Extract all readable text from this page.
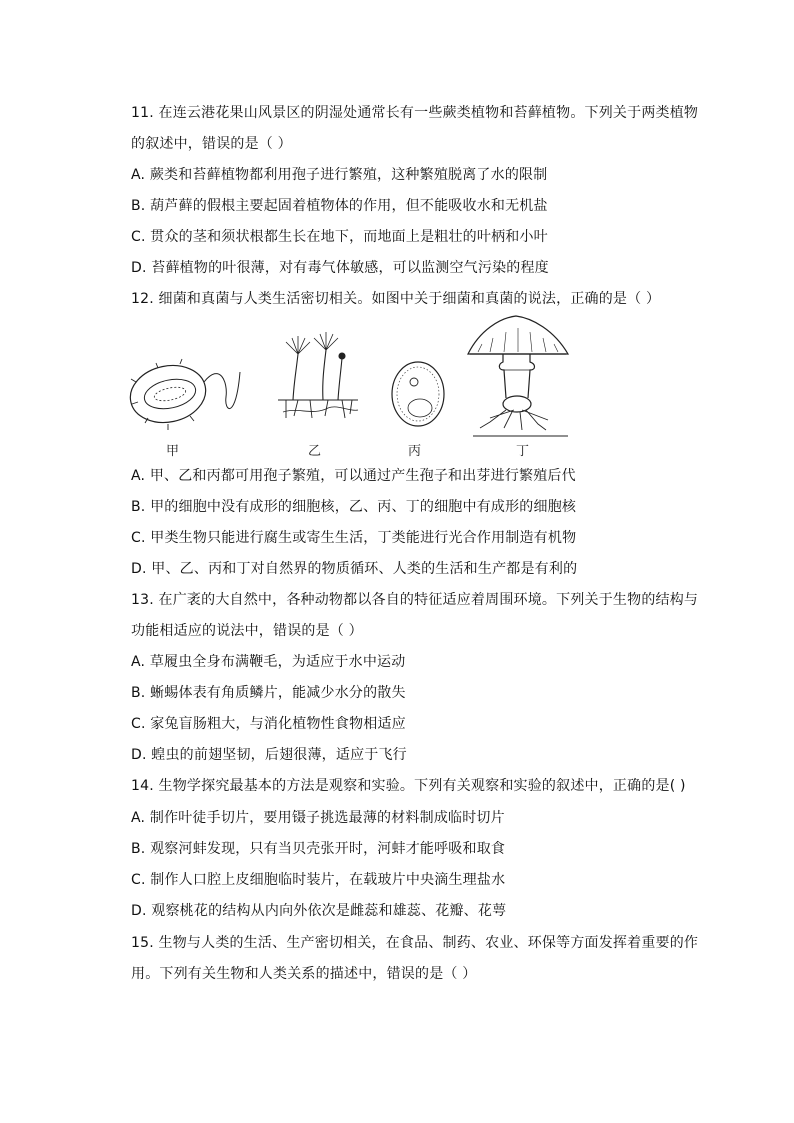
11. 在连云港花果山风景区的阴湿处通常长有一些蕨类植物和苔藓植物。下列关于两类植物
的叙述中，错误的是（ ）
A. 蕨类和苔藓植物都利用孢子进行繁殖，这种繁殖脱离了水的限制
B. 葫芦藓的假根主要起固着植物体的作用，但不能吸收水和无机盐
C. 贯众的茎和须状根都生长在地下，而地面上是粗壮的叶柄和小叶
D. 苔藓植物的叶很薄，对有毒气体敏感，可以监测空气污染的程度
12. 细菌和真菌与人类生活密切相关。如图中关于细菌和真菌的说法，正确的是（ ）
甲	乙	丙	丁
A. 甲、乙和丙都可用孢子繁殖，可以通过产生孢子和出芽进行繁殖后代
B. 甲的细胞中没有成形的细胞核，乙、丙、丁的细胞中有成形的细胞核
C. 甲类生物只能进行腐生或寄生生活，丁类能进行光合作用制造有机物
D. 甲、乙、丙和丁对自然界的物质循环、人类的生活和生产都是有利的
13. 在广袤的大自然中，各种动物都以各自的特征适应着周围环境。下列关于生物的结构与
功能相适应的说法中，错误的是（ ）
A. 草履虫全身布满鞭毛，为适应于水中运动
B. 蜥蜴体表有角质鳞片，能减少水分的散失
C. 家兔盲肠粗大，与消化植物性食物相适应
D. 蝗虫的前翅坚韧，后翅很薄，适应于飞行
14. 生物学探究最基本的方法是观察和实验。下列有关观察和实验的叙述中，正确的是( )
A. 制作叶徒手切片，要用镊子挑选最薄的材料制成临时切片
B. 观察河蚌发现，只有当贝壳张开时，河蚌才能呼吸和取食
C. 制作人口腔上皮细胞临时装片，在载玻片中央滴生理盐水
D. 观察桃花的结构从内向外依次是雌蕊和雄蕊、花瓣、花萼
15. 生物与人类的生活、生产密切相关，在食品、制药、农业、环保等方面发挥着重要的作
用。下列有关生物和人类关系的描述中，错误的是（ ）
